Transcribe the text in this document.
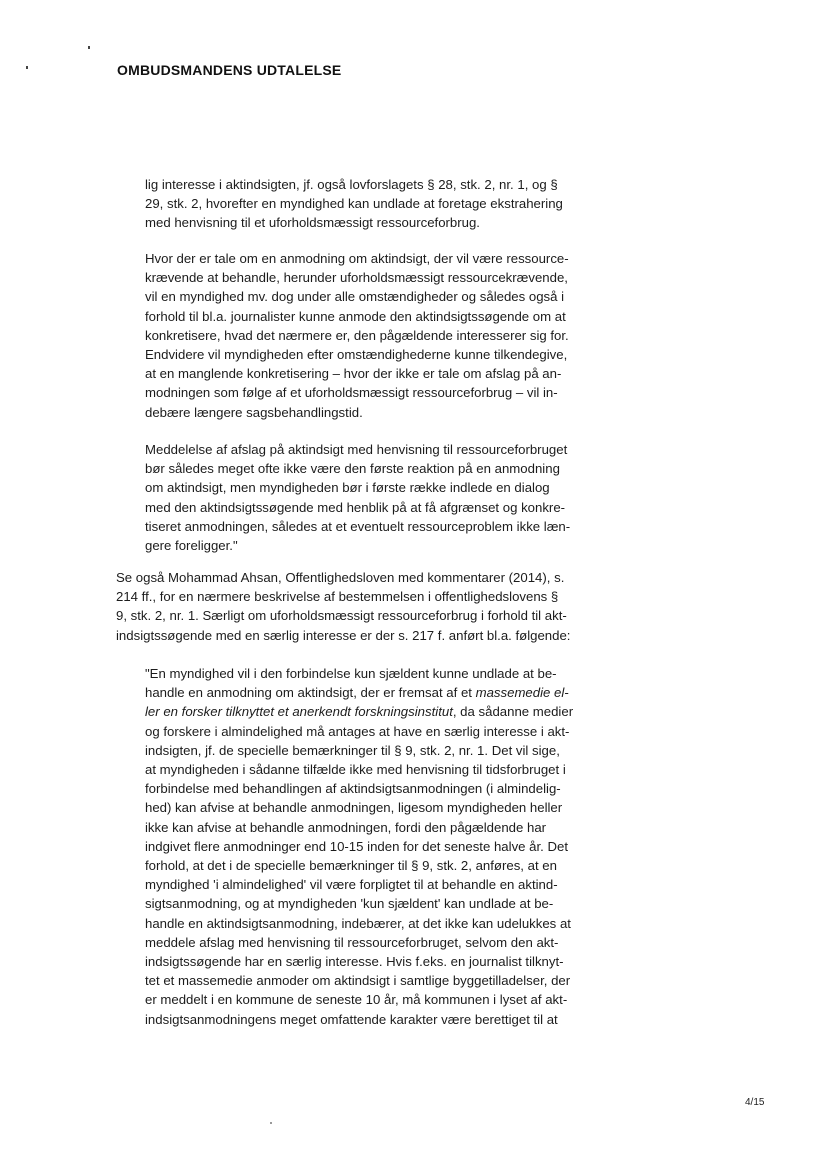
OMBUDSMANDENS UDTALELSE

lig interesse i aktindsigten, jf. også lovforslagets § 28, stk. 2, nr. 1, og §
29, stk. 2, hvorefter en myndighed kan undlade at foretage ekstrahering
med henvisning til et uforholdsmæssigt ressourceforbrug.

Hvor der er tale om en anmodning om aktindsigt, der vil være ressource-
krævende at behandle, herunder uforholdsmæssigt ressourcekrævende,
vil en myndighed mv. dog under alle omstændigheder og således også i
forhold til bl.a. journalister kunne anmode den aktindsigtssøgende om at
konkretisere, hvad det nærmere er, den pågældende interesserer sig for.
Endvidere vil myndigheden efter omstændighederne kunne tilkendegive,
at en manglende konkretisering – hvor der ikke er tale om afslag på an-
modningen som følge af et uforholdsmæssigt ressourceforbrug – vil in-
debære længere sagsbehandlingstid.

Meddelelse af afslag på aktindsigt med henvisning til ressourceforbruget
bør således meget ofte ikke være den første reaktion på en anmodning
om aktindsigt, men myndigheden bør i første række indlede en dialog
med den aktindsigtssøgende med henblik på at få afgrænset og konkre-
tiseret anmodningen, således at et eventuelt ressourceproblem ikke læn-
gere foreligger."

Se også Mohammad Ahsan, Offentlighedsloven med kommentarer (2014), s.
214 ff., for en nærmere beskrivelse af bestemmelsen i offentlighedslovens §
9, stk. 2, nr. 1. Særligt om uforholdsmæssigt ressourceforbrug i forhold til akt-
indsigtssøgende med en særlig interesse er der s. 217 f. anført bl.a. følgende:

"En myndighed vil i den forbindelse kun sjældent kunne undlade at be-
handle en anmodning om aktindsigt, der er fremsat af et massemedie el-
ler en forsker tilknyttet et anerkendt forskningsinstitut, da sådanne medier
og forskere i almindelighed må antages at have en særlig interesse i akt-
indsigten, jf. de specielle bemærkninger til § 9, stk. 2, nr. 1. Det vil sige,
at myndigheden i sådanne tilfælde ikke med henvisning til tidsforbruget i
forbindelse med behandlingen af aktindsigtsanmodningen (i almindelig-
hed) kan afvise at behandle anmodningen, ligesom myndigheden heller
ikke kan afvise at behandle anmodningen, fordi den pågældende har
indgivet flere anmodninger end 10-15 inden for det seneste halve år. Det
forhold, at det i de specielle bemærkninger til § 9, stk. 2, anføres, at en
myndighed 'i almindelighed' vil være forpligtet til at behandle en aktind-
sigtsanmodning, og at myndigheden 'kun sjældent' kan undlade at be-
handle en aktindsigtsanmodning, indebærer, at det ikke kan udelukkes at
meddele afslag med henvisning til ressourceforbruget, selvom den akt-
indsigtssøgende har en særlig interesse. Hvis f.eks. en journalist tilknyt-
tet et massemedie anmoder om aktindsigt i samtlige byggetilladelser, der
er meddelt i en kommune de seneste 10 år, må kommunen i lyset af akt-
indsigtsanmodningens meget omfattende karakter være berettiget til at

4/15
